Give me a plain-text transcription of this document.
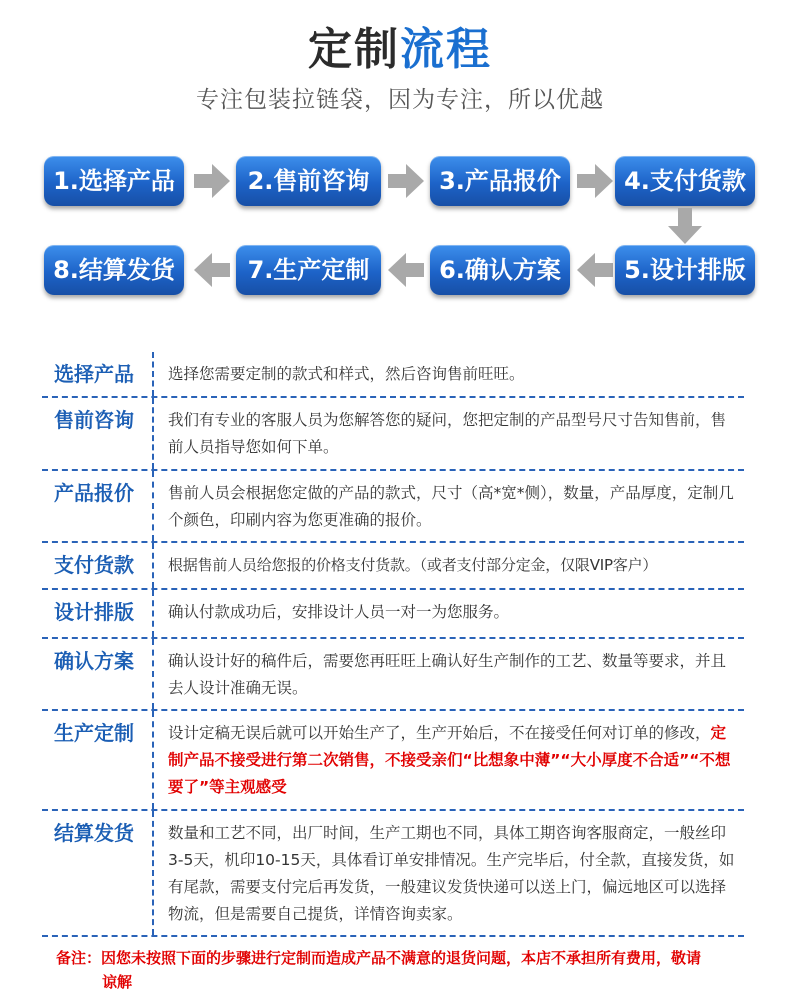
定制流程
专注包装拉链袋，因为专注，所以优越
1.选择产品	2.售前咨询	3.产品报价	4.支付货款
8.结算发货	7.生产定制	6.确认方案	5.设计排版
选择产品	选择您需要定制的款式和样式，然后咨询售前旺旺。
售前咨询	我们有专业的客服人员为您解答您的疑问，您把定制的产品型号尺寸告知售前，售前人员指导您如何下单。
产品报价	售前人员会根据您定做的产品的款式，尺寸（高*宽*侧），数量，产品厚度，定制几个颜色，印刷内容为您更准确的报价。
支付货款	根据售前人员给您报的价格支付货款。（或者支付部分定金，仅限VIP客户）
设计排版	确认付款成功后，安排设计人员一对一为您服务。
确认方案	确认设计好的稿件后，需要您再旺旺上确认好生产制作的工艺、数量等要求，并且去人设计准确无误。
生产定制	设计定稿无误后就可以开始生产了，生产开始后，不在接受任何对订单的修改，定制产品不接受进行第二次销售，不接受亲们“比想象中薄”“大小厚度不合适”“不想要了”等主观感受
结算发货	数量和工艺不同，出厂时间，生产工期也不同，具体工期咨询客服商定，一般丝印3-5天，机印10-15天，具体看订单安排情况。生产完毕后，付全款，直接发货，如有尾款，需要支付完后再发货，一般建议发货快递可以送上门，偏远地区可以选择物流，但是需要自己提货，详情咨询卖家。
备注：因您未按照下面的步骤进行定制而造成产品不满意的退货问题，本店不承担所有费用，敬请
谅解
